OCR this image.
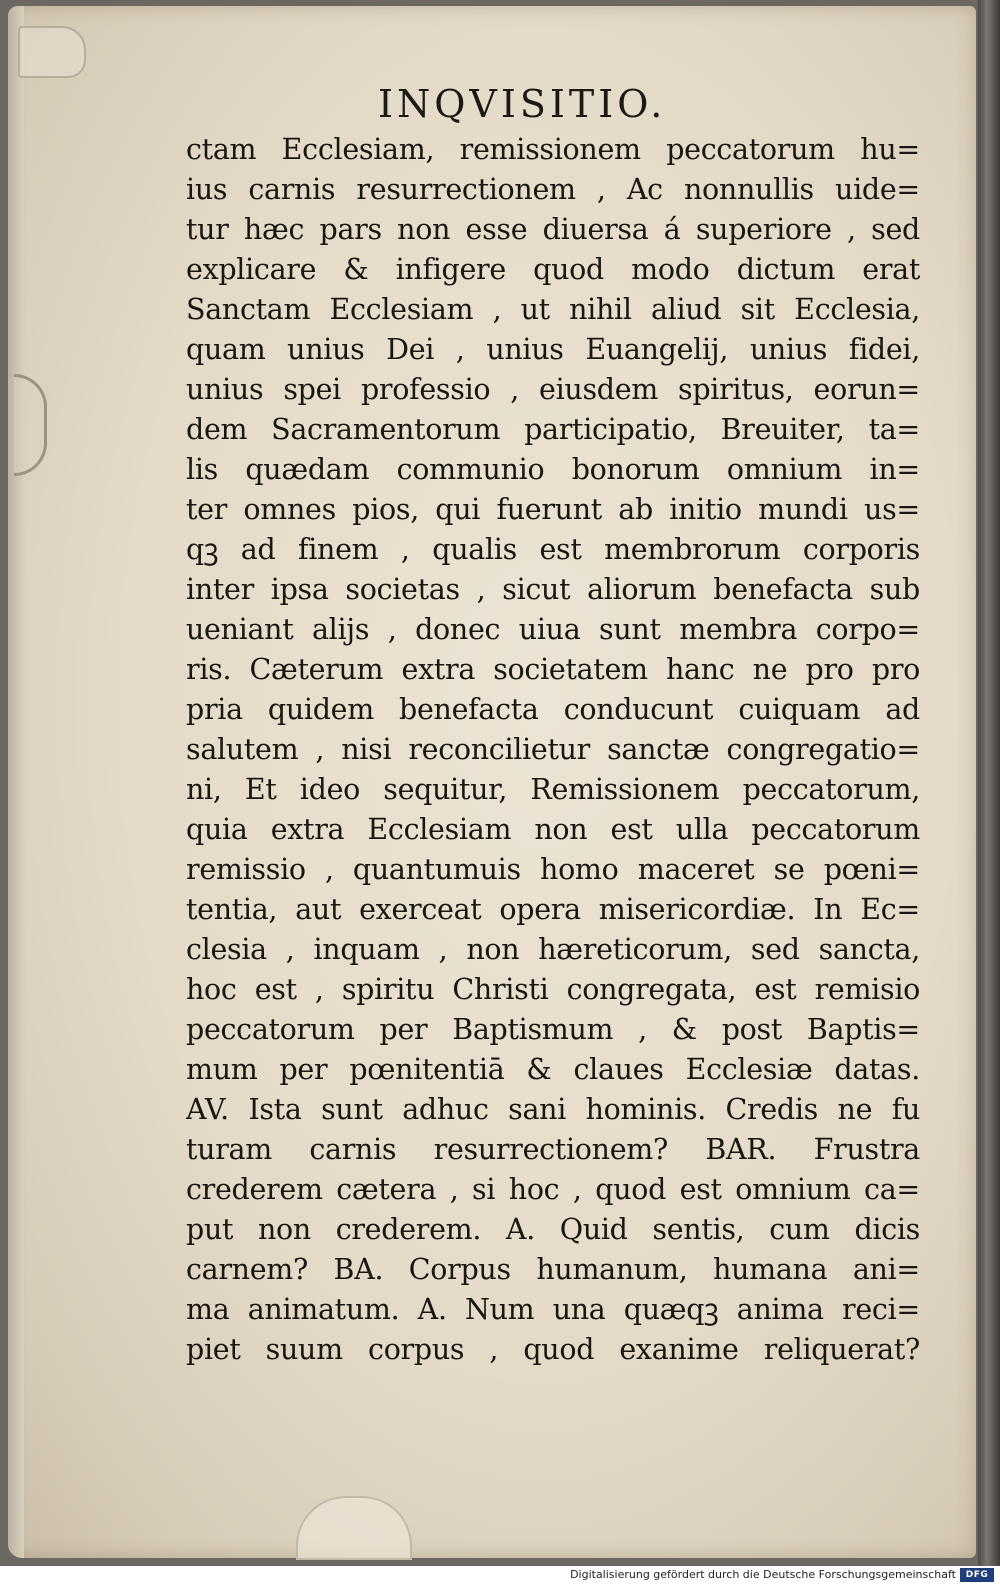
INQVISITIO.
ctam Ecclesiam, remissionem peccatorum hu=
ius carnis resurrectionem , Ac nonnullis uide=
tur hæc pars non esse diuersa á superiore , sed
explicare & infigere quod modo dictum erat
Sanctam Ecclesiam , ut nihil aliud sit Ecclesia,
quam unius Dei , unius Euangelij, unius fidei,
unius spei professio , eiusdem spiritus, eorun=
dem Sacramentorum participatio, Breuiter, ta=
lis quædam communio bonorum omnium in=
ter omnes pios, qui fuerunt ab initio mundi us=
qꝫ ad finem , qualis est membrorum corporis
inter ipsa societas , sicut aliorum benefacta sub
ueniant alijs , donec uiua sunt membra corpo=
ris. Cæterum extra societatem hanc ne pro pro
pria quidem benefacta conducunt cuiquam ad
salutem , nisi reconcilietur sanctæ congregatio=
ni, Et ideo sequitur, Remissionem peccatorum,
quia extra Ecclesiam non est ulla peccatorum
remissio , quantumuis homo maceret se pœni=
tentia, aut exerceat opera misericordiæ. In Ec=
clesia , inquam , non hæreticorum, sed sancta,
hoc est , spiritu Christi congregata, est remisio
peccatorum per Baptismum , & post Baptis=
mum per pœnitentiā & claues Ecclesiæ datas.
AV. Ista sunt adhuc sani hominis. Credis ne fu
turam carnis resurrectionem? BAR. Frustra
crederem cætera , si hoc , quod est omnium ca=
put non crederem. A. Quid sentis, cum dicis
carnem? BA. Corpus humanum, humana ani=
ma animatum. A. Num una quæqꝫ anima reci=
piet suum corpus , quod exanime reliquerat?
Digitalisierung gefördert durch die Deutsche Forschungsgemeinschaft	DFG
